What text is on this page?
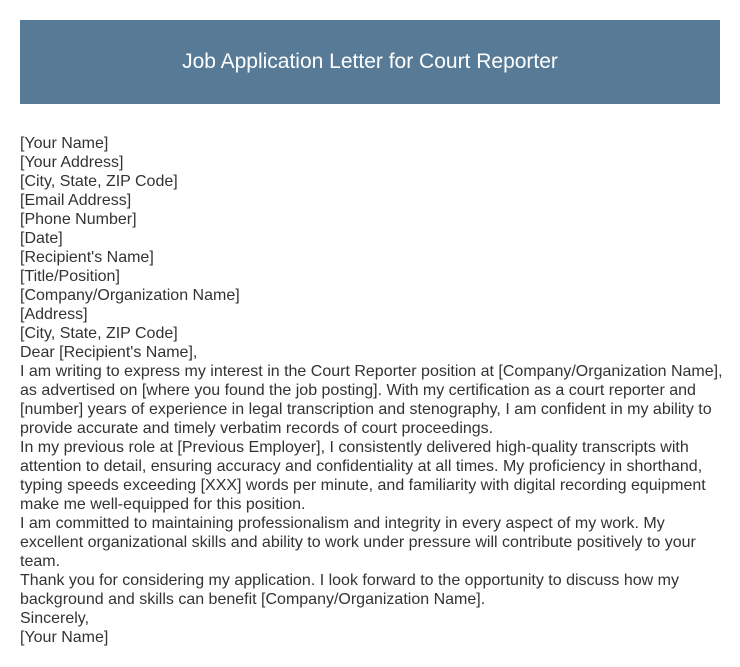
Job Application Letter for Court Reporter
[Your Name]
[Your Address]
[City, State, ZIP Code]
[Email Address]
[Phone Number]
[Date]
[Recipient's Name]
[Title/Position]
[Company/Organization Name]
[Address]
[City, State, ZIP Code]
Dear [Recipient's Name],
I am writing to express my interest in the Court Reporter position at [Company/Organization Name], as advertised on [where you found the job posting]. With my certification as a court reporter and [number] years of experience in legal transcription and stenography, I am confident in my ability to provide accurate and timely verbatim records of court proceedings.
In my previous role at [Previous Employer], I consistently delivered high-quality transcripts with attention to detail, ensuring accuracy and confidentiality at all times. My proficiency in shorthand, typing speeds exceeding [XXX] words per minute, and familiarity with digital recording equipment make me well-equipped for this position.
I am committed to maintaining professionalism and integrity in every aspect of my work. My excellent organizational skills and ability to work under pressure will contribute positively to your team.
Thank you for considering my application. I look forward to the opportunity to discuss how my background and skills can benefit [Company/Organization Name].
Sincerely,
[Your Name]
